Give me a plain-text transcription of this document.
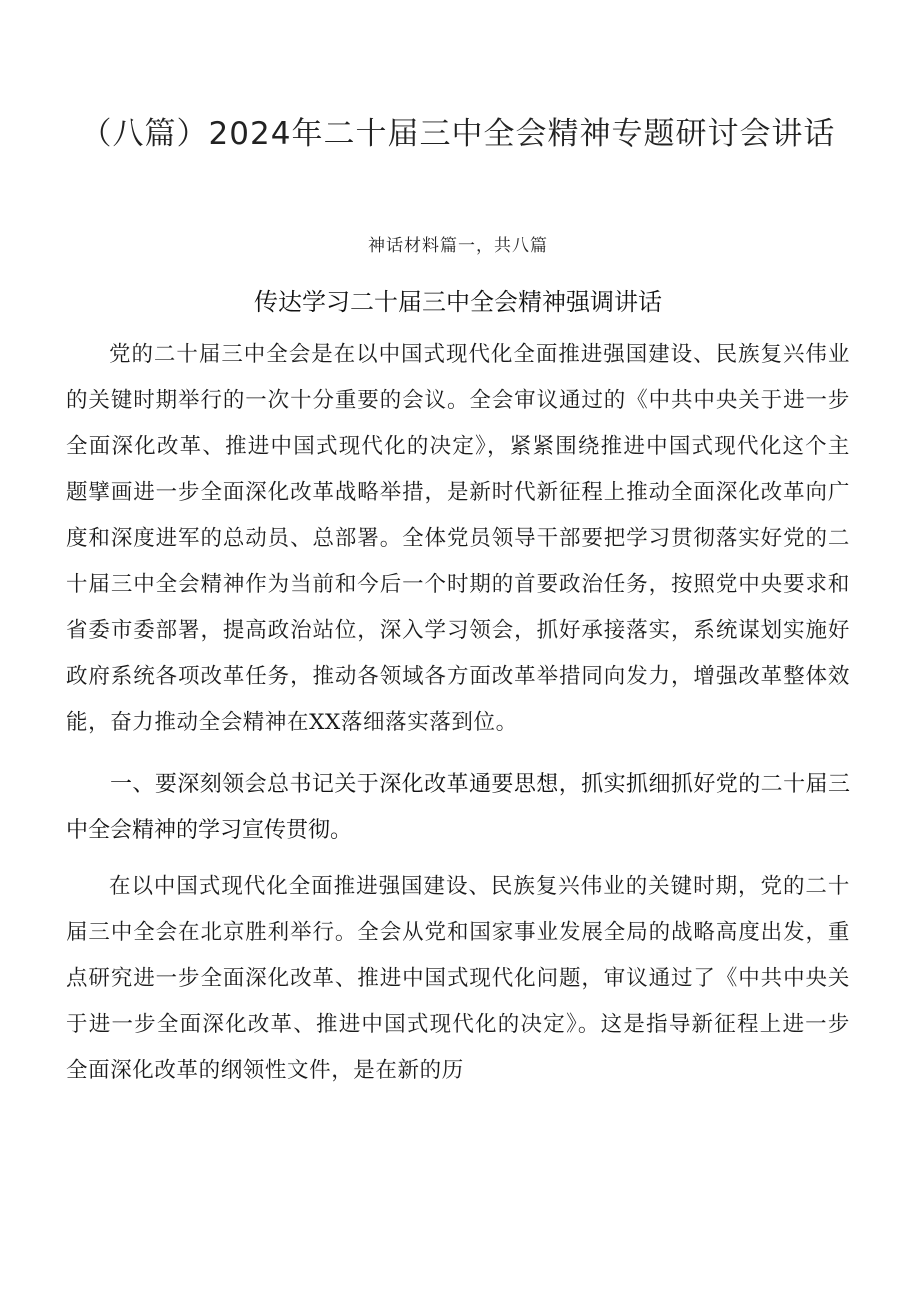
（八篇）2024年二十届三中全会精神专题研讨会讲话
神话材料篇一，共八篇
传达学习二十届三中全会精神强调讲话

党的二十届三中全会是在以中国式现代化全面推进强国建设、民族复兴伟业的关键时期举行的一次十分重要的会议。全会审议通过的《中共中央关于进一步全面深化改革、推进中国式现代化的决定》，紧紧围绕推进中国式现代化这个主题擘画进一步全面深化改革战略举措，是新时代新征程上推动全面深化改革向广度和深度进军的总动员、总部署。全体党员领导干部要把学习贯彻落实好党的二十届三中全会精神作为当前和今后一个时期的首要政治任务，按照党中央要求和省委市委部署，提高政治站位，深入学习领会，抓好承接落实，系统谋划实施好政府系统各项改革任务，推动各领域各方面改革举措同向发力，增强改革整体效能，奋力推动全会精神在XX落细落实落到位。

一、要深刻领会总书记关于深化改革通要思想，抓实抓细抓好党的二十届三中全会精神的学习宣传贯彻。

在以中国式现代化全面推进强国建设、民族复兴伟业的关键时期，党的二十届三中全会在北京胜利举行。全会从党和国家事业发展全局的战略高度出发，重点研究进一步全面深化改革、推进中国式现代化问题，审议通过了《中共中央关于进一步全面深化改革、推进中国式现代化的决定》。这是指导新征程上进一步全面深化改革的纲领性文件，是在新的历
